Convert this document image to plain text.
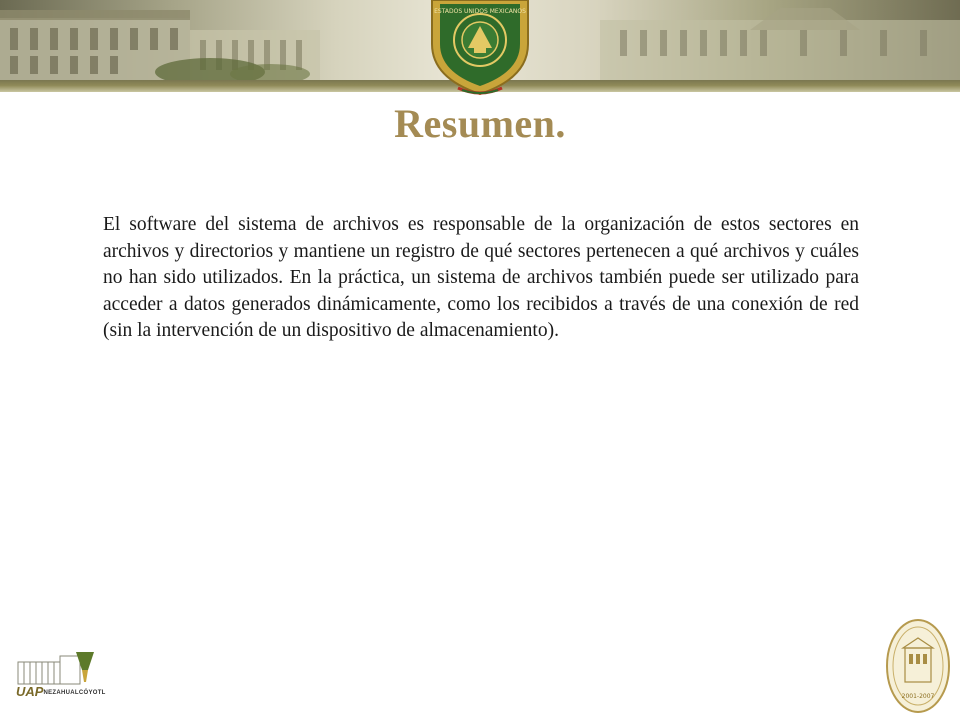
ESTADOS UNIDOS MEXICANOS
Resumen.
El software del sistema de archivos es responsable de la organización de estos sectores en archivos y directorios y mantiene un registro de qué sectores pertenecen a qué archivos y cuáles no han sido utilizados. En la práctica, un sistema de archivos también puede ser utilizado para acceder a datos generados dinámicamente, como los recibidos a través de una conexión de red (sin la intervención de un dispositivo de almacenamiento).
$UAP^{NEZAHUALCÓYOTL}$	2001-2007
